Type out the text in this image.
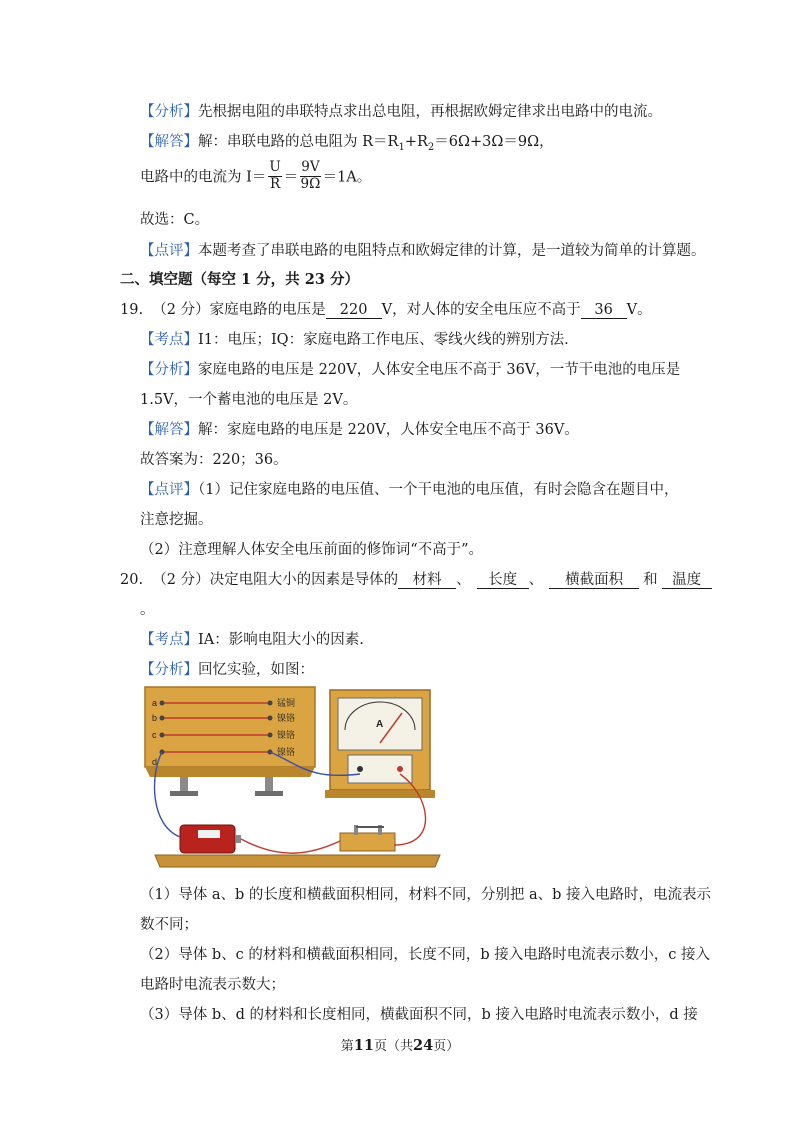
【分析】先根据电阻的串联特点求出总电阻，再根据欧姆定律求出电路中的电流。
【解答】解：串联电路的总电阻为 $R=R_1+R_2=6\Omega+3\Omega=9\Omega$，
电路中的电流为 $I= \frac{U}{R} = \frac{9V}{9\Omega} =1A$。
故选：C。
【点评】本题考查了串联电路的电阻特点和欧姆定律的计算，是一道较为简单的计算题。
二、填空题（每空 1 分，共 23 分）
19. （2 分）家庭电路的电压是 220 V，对人体的安全电压应不高于 36 V。
【考点】I1：电压；IQ：家庭电路工作电压、零线火线的辨别方法.
【分析】家庭电路的电压是 220V，人体安全电压不高于 36V，一节干电池的电压是
1.5V，一个蓄电池的电压是 2V。
【解答】解：家庭电路的电压是 220V，人体安全电压不高于 36V。
故答案为：220；36。
【点评】（1）记住家庭电路的电压值、一个干电池的电压值，有时会隐含在题目中，
注意挖掘。
（2）注意理解人体安全电压前面的修饰词“不高于”。
20. （2 分）决定电阻大小的因素是导体的 材料 、 长度 、 横截面积 和 温度
。
【考点】IA：影响电阻大小的因素.
【分析】回忆实验，如图：
a
b
c
d
锰铜
镍铬
镍铬
镍铬
A
（1）导体 a、b 的长度和横截面积相同，材料不同，分别把 a、b 接入电路时，电流表示
数不同；
（2）导体 b、c 的材料和横截面积相同，长度不同，b 接入电路时电流表示数小，c 接入
电路时电流表示数大；
（3）导体 b、d 的材料和长度相同，横截面积不同，b 接入电路时电流表示数小，d 接
第11页（共24页）
